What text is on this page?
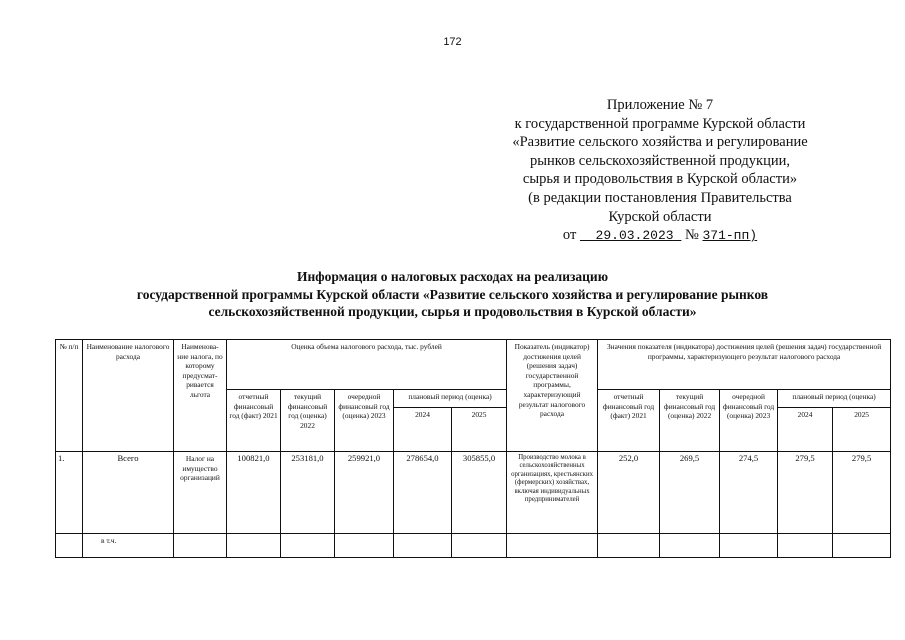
172
Приложение № 7
к государственной программе Курской области
«Развитие сельского хозяйства и регулирование
рынков сельскохозяйственной продукции,
сырья и продовольствия в Курской области»
(в редакции постановления Правительства
Курской области
от 29.03.2023 № 371-пп)
Информация о налоговых расходах на реализацию
государственной программы Курской области «Развитие сельского хозяйства и регулирование рынков
сельскохозяйственной продукции, сырья и продовольствия в Курской области»
№ п/п	Наименование налогового расхода	Наименова-ние налога, по которому предусмат-ривается льгота	Оценка объема налогового расхода, тыс. рублей					Показатель (индикатор) достижения целей (решения задач) государственной программы, характеризующий результат налогового расхода	Значения показателя (индикатора) достижения целей (решения задач) государственной программы, характеризующего результат налогового расхода				
			отчетный финансовый год (факт) 2021	текущий финансовый год (оценка) 2022	очередной финансовый год (оценка) 2023	плановый период (оценка)			отчетный финансовый год (факт) 2021	текущий финансовый год (оценка) 2022	очередной финансовый год (оценка) 2023	плановый период (оценка)	
						2024	2025					2024	2025
1.	Всего	Налог на имущество организаций	100821,0	253181,0	259921,0	278654,0	305855,0	Производство молока в сельскохозяйственных организациях, крестьянских (фермерских) хозяйствах, включая индивидуальных предпринимателей	252,0	269,5	274,5	279,5	279,5
	в т.ч.												
